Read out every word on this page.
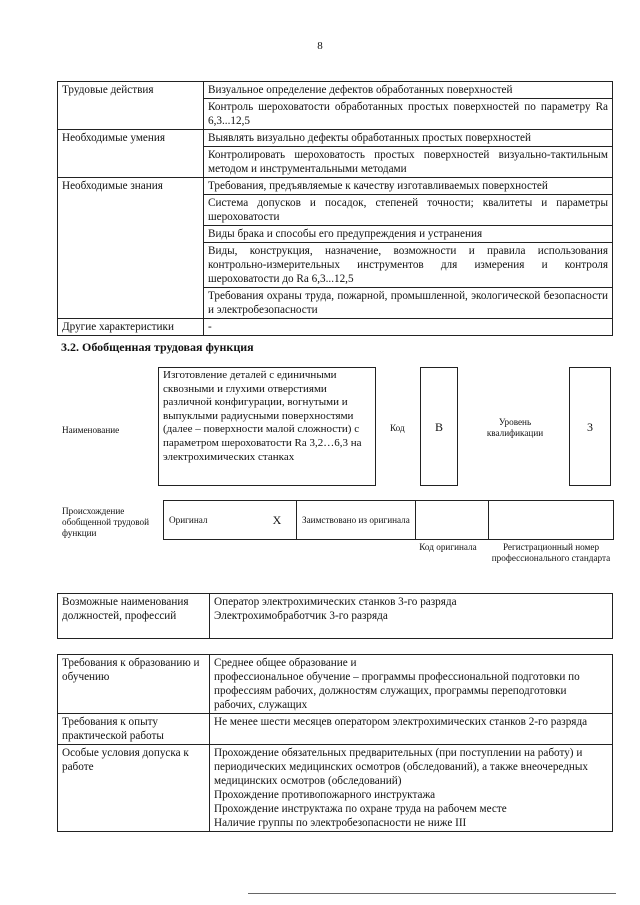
8
Трудовые действия	Визуальное определение дефектов обработанных поверхностей
	Контроль шероховатости обработанных простых поверхностей по параметру Ra 6,3...12,5
Необходимые умения	Выявлять визуально дефекты обработанных простых поверхностей
	Контролировать шероховатость простых поверхностей визуально-тактильным методом и инструментальными методами
Необходимые знания	Требования, предъявляемые к качеству изготавливаемых поверхностей
	Система допусков и посадок, степеней точности; квалитеты и параметры шероховатости
	Виды брака и способы его предупреждения и устранения
	Виды, конструкция, назначение, возможности и правила использования контрольно-измерительных инструментов для измерения и контроля шероховатости до Ra 6,3...12,5
	Требования охраны труда, пожарной, промышленной, экологической безопасности и электробезопасности
Другие характеристики	-
3.2. Обобщенная трудовая функция
Наименование
Изготовление деталей с единичными сквозными и глухими отверстиями различной конфигурации, вогнутыми и выпуклыми радиусными поверхностями (далее – поверхности малой сложности) с параметром шероховатости Ra 3,2…6,3 на электрохимических станках
Код	В	Уровень квалификации	3
Происхождение обобщенной трудовой функции
Оригинал	X	Заимствовано из оригинала		
Код оригинала	Регистрационный номер профессионального стандарта
Возможные наименования должностей, профессий	
Оператор электрохимических станков 3-го разряда
Электрохимобработчик 3-го разряда
Требования к образованию и обучению	Среднее общее образование и
профессиональное обучение – программы профессиональной подготовки по профессиям рабочих, должностям служащих, программы переподготовки рабочих, служащих

Требования к опыту практической работы	Не менее шести месяцев оператором электрохимических станков 2-го разряда
Особые условия допуска к работе	Прохождение обязательных предварительных (при поступлении на работу) и периодических медицинских осмотров (обследований), а также внеочередных медицинских осмотров (обследований)
Прохождение противопожарного инструктажа
Прохождение инструктажа по охране труда на рабочем месте
Наличие группы по электробезопасности не ниже III
